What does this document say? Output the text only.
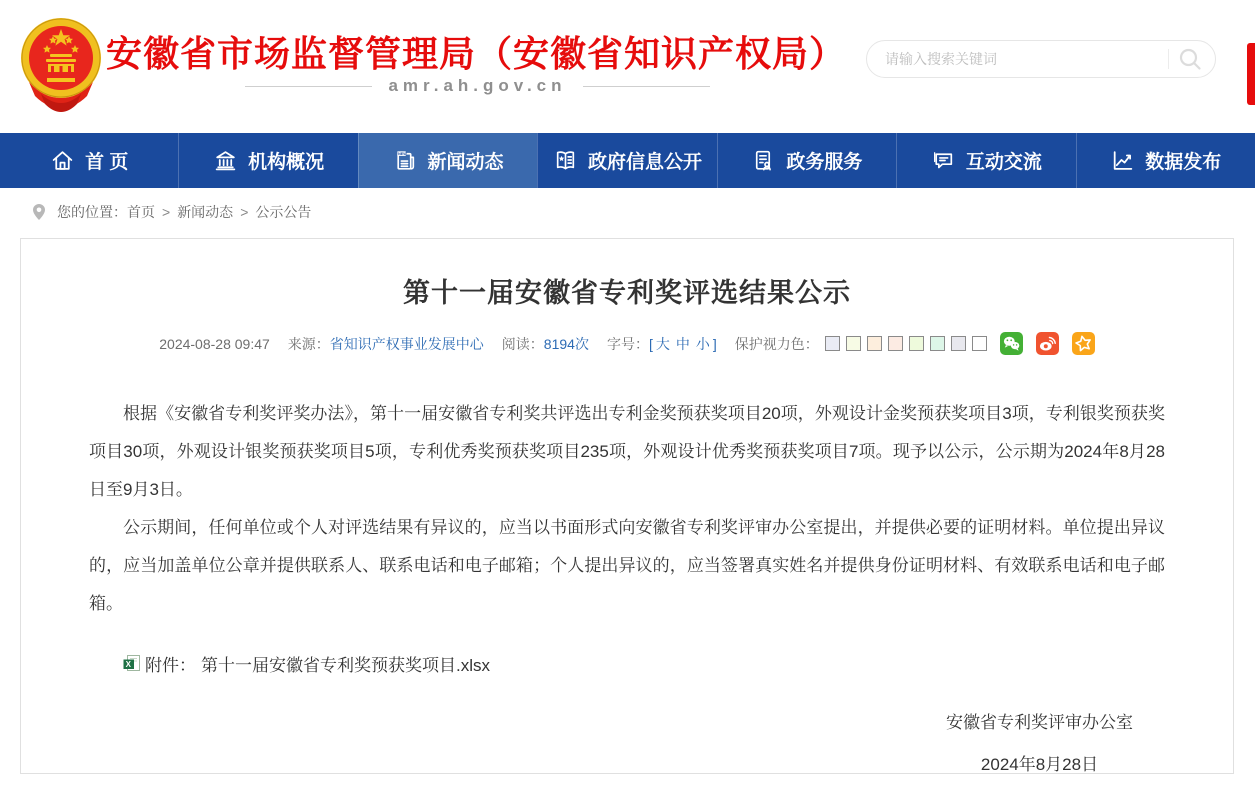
安徽省市场监督管理局（安徽省知识产权局）
amr.ah.gov.cn
请输入搜索关键词
首 页	机构概况	NEW 新闻动态	政府信息公开	政务服务	互动交流	数据发布
您的位置： 首页 > 新闻动态 > 公示公告
第十一届安徽省专利奖评选结果公示
2024-08-28 09:47 来源： 省知识产权事业发展中心 阅读： 8194次 字号： [ 大 中 小 ] 保护视力色：

根据《安徽省专利奖评奖办法》，第十一届安徽省专利奖共评选出专利金奖预获奖项目20项，外观设计金奖预获奖项目3项，专利银奖预获奖项目30项，外观设计银奖预获奖项目5项，专利优秀奖预获奖项目235项，外观设计优秀奖预获奖项目7项。现予以公示，公示期为2024年8月28日至9月3日。

公示期间，任何单位或个人对评选结果有异议的，应当以书面形式向安徽省专利奖评审办公室提出，并提供必要的证明材料。单位提出异议的，应当加盖单位公章并提供联系人、联系电话和电子邮箱；个人提出异议的，应当签署真实姓名并提供身份证明材料、有效联系电话和电子邮箱。

X 附件： 第十一届安徽省专利奖预获奖项目.xlsx
安徽省专利奖评审办公室
2024年8月28日
